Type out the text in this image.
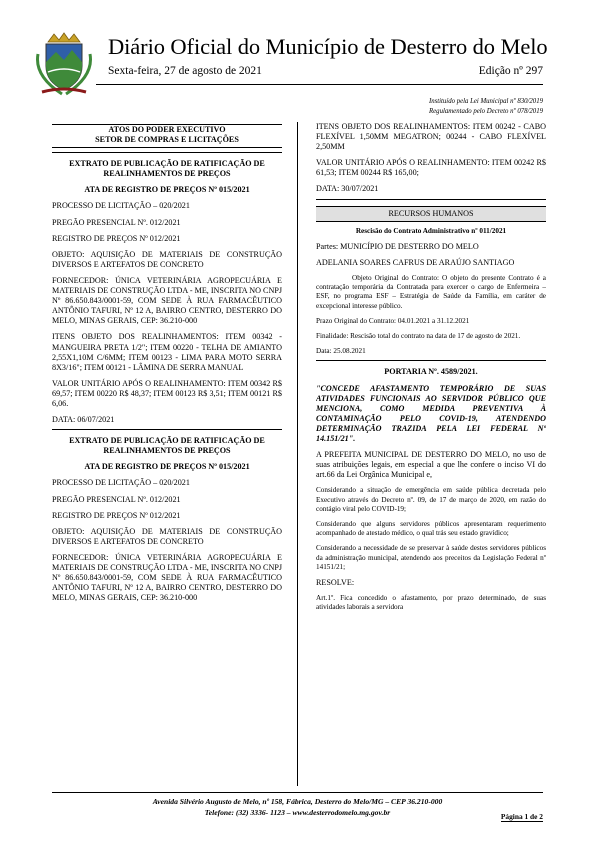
Diário Oficial do Município de Desterro do Melo
Sexta-feira, 27 de agosto de 2021	Edição nº 297
Instituído pela Lei Municipal nº 830/2019
Regulamentado pelo Decreto nº 078/2019

ATOS DO PODER EXECUTIVO

SETOR DE COMPRAS E LICITAÇÕES

EXTRATO DE PUBLICAÇÃO DE RATIFICAÇÃO DE REALINHAMENTOS DE PREÇOS

ATA DE REGISTRO DE PREÇOS Nº 015/2021

PROCESSO DE LICITAÇÃO – 020/2021

PREGÃO PRESENCIAL Nº. 012/2021

REGISTRO DE PREÇOS Nº 012/2021

OBJETO: AQUISIÇÃO DE MATERIAIS DE CONSTRUÇÃO DIVERSOS E ARTEFATOS DE CONCRETO

FORNECEDOR: ÚNICA VETERINÁRIA AGROPECUÁRIA E MATERIAIS DE CONSTRUÇÃO LTDA - ME, INSCRITA NO CNPJ Nº 86.650.843/0001-59, COM SEDE À RUA FARMACÊUTICO ANTÔNIO TAFURI, Nº 12 A, BAIRRO CENTRO, DESTERRO DO MELO, MINAS GERAIS, CEP: 36.210-000

ITENS OBJETO DOS REALINHAMENTOS: ITEM 00342 - MANGUEIRA PRETA 1/2"; ITEM 00220 - TELHA DE AMIANTO 2,55X1,10M C/6MM; ITEM 00123 - LIMA PARA MOTO SERRA 8X3/16"; ITEM 00121 - LÂMINA DE SERRA MANUAL

VALOR UNITÁRIO APÓS O REALINHAMENTO: ITEM 00342 R$ 69,57; ITEM 00220 R$ 48,37; ITEM 00123 R$ 3,51; ITEM 00121 R$ 6,06.

DATA: 06/07/2021

EXTRATO DE PUBLICAÇÃO DE RATIFICAÇÃO DE REALINHAMENTOS DE PREÇOS

ATA DE REGISTRO DE PREÇOS Nº 015/2021

PROCESSO DE LICITAÇÃO – 020/2021

PREGÃO PRESENCIAL Nº. 012/2021

REGISTRO DE PREÇOS Nº 012/2021

OBJETO: AQUISIÇÃO DE MATERIAIS DE CONSTRUÇÃO DIVERSOS E ARTEFATOS DE CONCRETO

FORNECEDOR: ÚNICA VETERINÁRIA AGROPECUÁRIA E MATERIAIS DE CONSTRUÇÃO LTDA - ME, INSCRITA NO CNPJ Nº 86.650.843/0001-59, COM SEDE À RUA FARMACÊUTICO ANTÔNIO TAFURI, Nº 12 A, BAIRRO CENTRO, DESTERRO DO MELO, MINAS GERAIS, CEP: 36.210-000

ITENS OBJETO DOS REALINHAMENTOS: ITEM 00242 - CABO FLEXÍVEL 1,50MM MEGATRON; 00244 - CABO FLEXÍVEL 2,50MM

VALOR UNITÁRIO APÓS O REALINHAMENTO: ITEM 00242 R$ 61,53; ITEM 00244 R$ 165,00;

DATA: 30/07/2021

RECURSOS HUMANOS

Rescisão do Contrato Administrativo nº 011/2021

Partes: MUNICÍPIO DE DESTERRO DO MELO

ADELANIA SOARES CAFRUS DE ARAÚJO SANTIAGO

Objeto Original do Contrato: O objeto do presente Contrato é a contratação temporária da Contratada para exercer o cargo de Enfermeira – ESF, no programa ESF – Estratégia de Saúde da Família, em caráter de excepcional interesse público.

Prazo Original do Contrato: 04.01.2021 a 31.12.2021

Finalidade: Rescisão total do contrato na data de 17 de agosto de 2021.

Data: 25.08.2021

PORTARIA Nº. 4589/2021.

"CONCEDE AFASTAMENTO TEMPORÁRIO DE SUAS ATIVIDADES FUNCIONAIS AO SERVIDOR PÚBLICO QUE MENCIONA, COMO MEDIDA PREVENTIVA À CONTAMINAÇÃO PELO COVID-19, ATENDENDO DETERMINAÇÃO TRAZIDA PELA LEI FEDERAL Nº 14.151/21".

A PREFEITA MUNICIPAL DE DESTERRO DO MELO, no uso de suas atribuições legais, em especial a que lhe confere o inciso VI do art.66 da Lei Orgânica Municipal e,

Considerando a situação de emergência em saúde pública decretada pelo Executivo através do Decreto nº. 09, de 17 de março de 2020, em razão do contágio viral pelo COVID-19;

Considerando que alguns servidores públicos apresentaram requerimento acompanhado de atestado médico, o qual trás seu estado gravídico;

Considerando a necessidade de se preservar à saúde destes servidores públicos da administração municipal, atendendo aos preceitos da Legislação Federal nº 14151/21;

RESOLVE:

Art.1º. Fica concedido o afastamento, por prazo determinado, de suas atividades laborais a servidora

Avenida Silvério Augusto de Melo, nº 158, Fábrica, Desterro do Melo/MG – CEP 36.210-000
Telefone: (32) 3336- 1123 – www.desterrodomelo.mg.gov.br	Página 1 de 2
